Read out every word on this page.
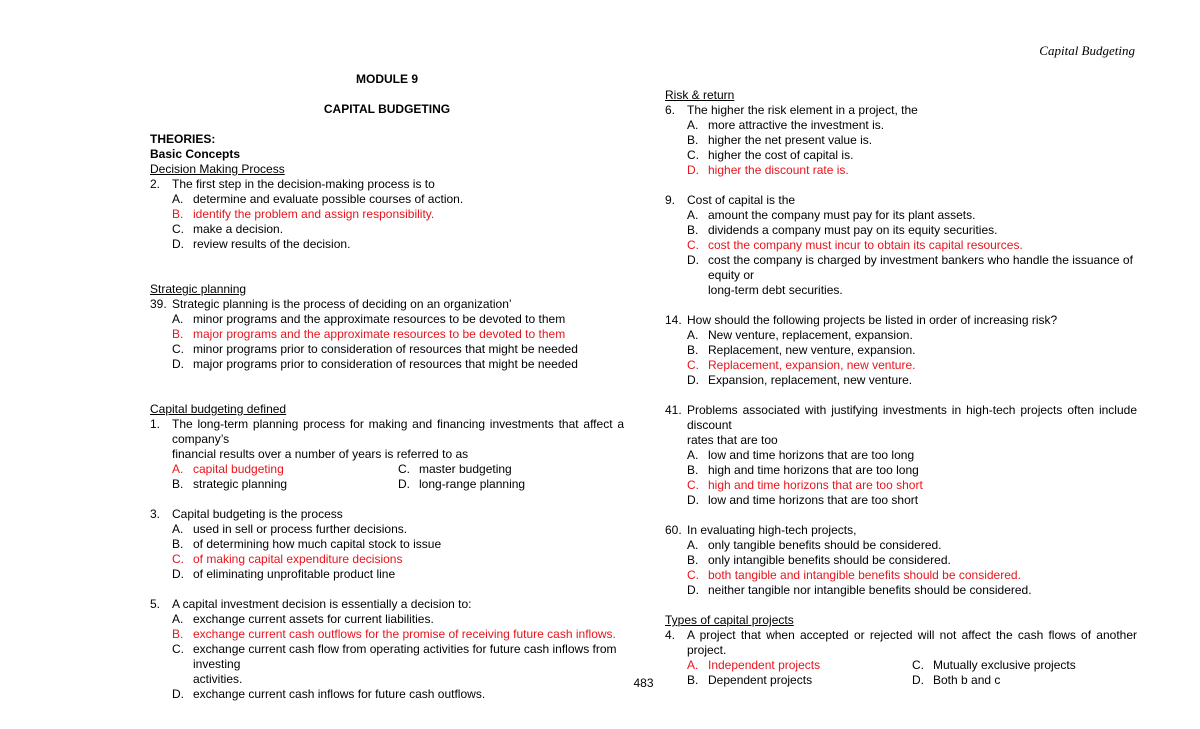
Capital Budgeting
MODULE 9
CAPITAL BUDGETING
THEORIES:
Basic Concepts
Decision Making Process
2. The first step in the decision-making process is to
A. determine and evaluate possible courses of action.
B. identify the problem and assign responsibility.
C. make a decision.
D. review results of the decision.
Strategic planning
39. Strategic planning is the process of deciding on an organization’
A. minor programs and the approximate resources to be devoted to them
B. major programs and the approximate resources to be devoted to them
C. minor programs prior to consideration of resources that might be needed
D. major programs prior to consideration of resources that might be needed
Capital budgeting defined
1. The long-term planning process for making and financing investments that affect a company’s
financial results over a number of years is referred to as
A. capital budgeting	C. master budgeting
B. strategic planning	D. long-range planning
3. Capital budgeting is the process
A. used in sell or process further decisions.
B. of determining how much capital stock to issue
C. of making capital expenditure decisions
D. of eliminating unprofitable product line
5. A capital investment decision is essentially a decision to:
A. exchange current assets for current liabilities.
B. exchange current cash outflows for the promise of receiving future cash inflows.
C. exchange current cash flow from operating activities for future cash inflows from investing
activities.
D. exchange current cash inflows for future cash outflows.
Risk & return
6. The higher the risk element in a project, the
A. more attractive the investment is.
B. higher the net present value is.
C. higher the cost of capital is.
D. higher the discount rate is.
9. Cost of capital is the
A. amount the company must pay for its plant assets.
B. dividends a company must pay on its equity securities.
C. cost the company must incur to obtain its capital resources.
D. cost the company is charged by investment bankers who handle the issuance of equity or
long-term debt securities.
14. How should the following projects be listed in order of increasing risk?
A. New venture, replacement, expansion.
B. Replacement, new venture, expansion.
C. Replacement, expansion, new venture.
D. Expansion, replacement, new venture.
41. Problems associated with justifying investments in high-tech projects often include discount
rates that are too
A. low and time horizons that are too long
B. high and time horizons that are too long
C. high and time horizons that are too short
D. low and time horizons that are too short
60. In evaluating high-tech projects,
A. only tangible benefits should be considered.
B. only intangible benefits should be considered.
C. both tangible and intangible benefits should be considered.
D. neither tangible nor intangible benefits should be considered.
Types of capital projects
4. A project that when accepted or rejected will not affect the cash flows of another project.
A. Independent projects	C. Mutually exclusive projects
B. Dependent projects	D. Both b and c
483
